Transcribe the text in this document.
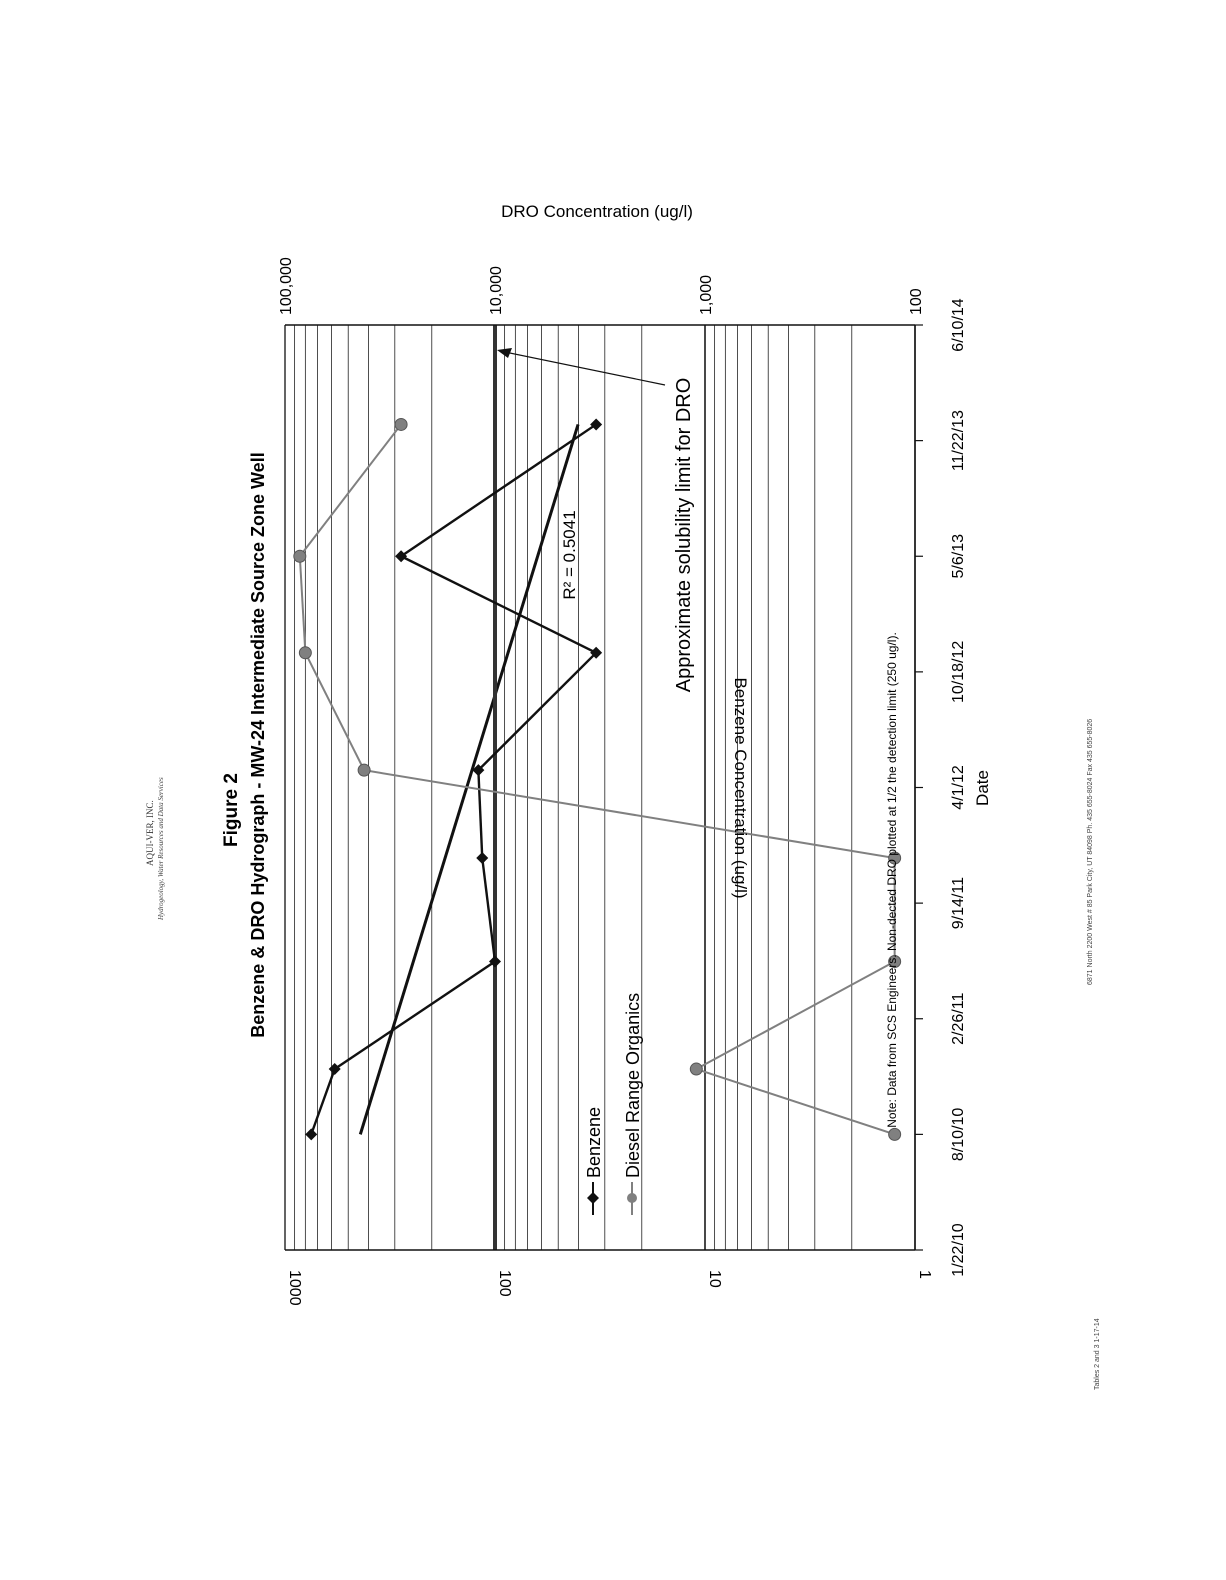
AQUI-VER, INC. Hydrogeology, Water Resources and Data Services
1
10
100
1000
100
1,000
10,000
100,000
1/22/10
8/10/10
2/26/11
9/14/11
4/1/12
10/18/12
5/6/13
11/22/13
6/10/14
Figure 2 Benzene & DRO Hydrograph - MW-24 Intermediate Source Zone Well	Benzene Concentration (ug/l)
DRO Concentration (ug/l)
Date
R² = 0.5041	Approximate solubility limit for DRO
Note: Data from SCS Engineers. Non-dected DRO plotted at 1/2 the detection limit (250 ug/l).
Benzene Diesel Range Organics
6871 North 2200 West # 85 Park City, UT 84098 Ph. 435 655-8024 Fax 435 655-8026
Tables 2 and 3 1-17-14
